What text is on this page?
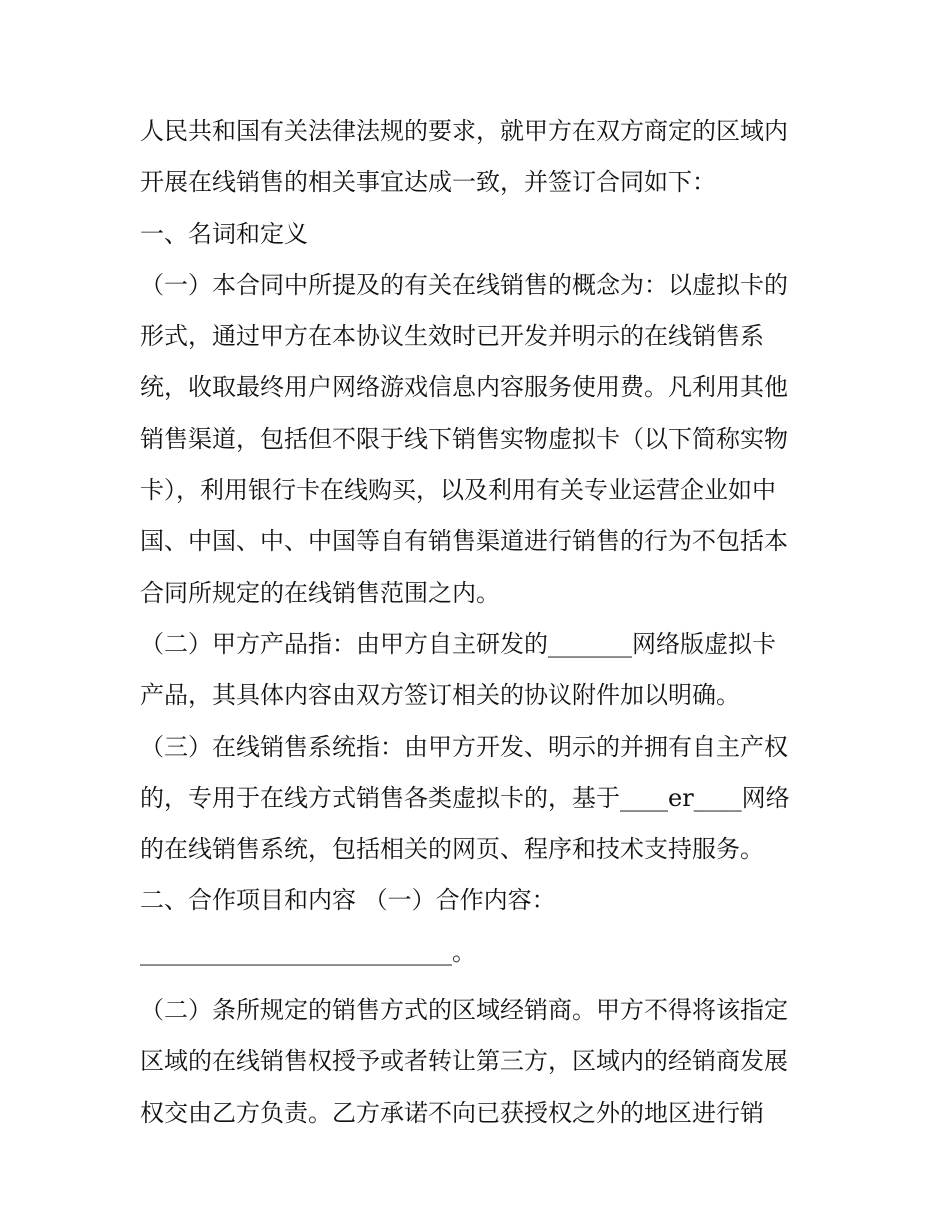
人民共和国有关法律法规的要求，就甲方在双方商定的区域内
开展在线销售的相关事宜达成一致，并签订合同如下：
一、名词和定义
（一）本合同中所提及的有关在线销售的概念为：以虚拟卡的
形式，通过甲方在本协议生效时已开发并明示的在线销售系
统，收取最终用户网络游戏信息内容服务使用费。凡利用其他
销售渠道，包括但不限于线下销售实物虚拟卡（以下简称实物
卡），利用银行卡在线购买，以及利用有关专业运营企业如中
国、中国、中、中国等自有销售渠道进行销售的行为不包括本
合同所规定的在线销售范围之内。
（二）甲方产品指：由甲方自主研发的_______网络版虚拟卡
产品，其具体内容由双方签订相关的协议附件加以明确。
（三）在线销售系统指：由甲方开发、明示的并拥有自主产权
的，专用于在线方式销售各类虚拟卡的，基于____er____网络
的在线销售系统，包括相关的网页、程序和技术支持服务。
二、合作项目和内容 （一）合作内容：
__________________________。
（二）条所规定的销售方式的区域经销商。甲方不得将该指定
区域的在线销售权授予或者转让第三方，区域内的经销商发展
权交由乙方负责。乙方承诺不向已获授权之外的地区进行销
